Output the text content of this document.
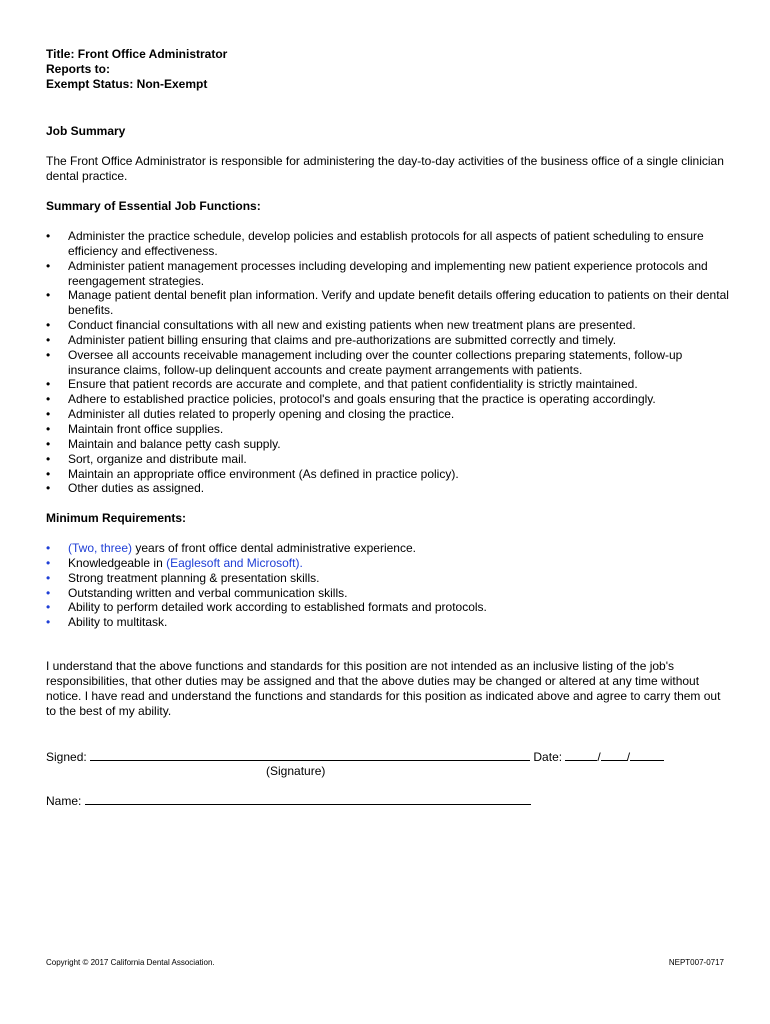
Title: Front Office Administrator
Reports to:
Exempt Status: Non-Exempt
Job Summary
The Front Office Administrator is responsible for administering the day-to-day activities of the business office of a single clinician dental practice.
Summary of Essential Job Functions:
•	Administer the practice schedule, develop policies and establish protocols for all aspects of patient scheduling to ensure efficiency and effectiveness.
•	Administer patient management processes including developing and implementing new patient experience protocols and reengagement strategies.
•	Manage patient dental benefit plan information. Verify and update benefit details offering education to patients on their dental benefits.
•	Conduct financial consultations with all new and existing patients when new treatment plans are presented.
•	Administer patient billing ensuring that claims and pre-authorizations are submitted correctly and timely.
•	Oversee all accounts receivable management including over the counter collections preparing statements, follow-up insurance claims, follow-up delinquent accounts and create payment arrangements with patients.
•	Ensure that patient records are accurate and complete, and that patient confidentiality is strictly maintained.
•	Adhere to established practice policies, protocol's and goals ensuring that the practice is operating accordingly.
•	Administer all duties related to properly opening and closing the practice.
•	Maintain front office supplies.
•	Maintain and balance petty cash supply.
•	Sort, organize and distribute mail.
•	Maintain an appropriate office environment (As defined in practice policy).
•	Other duties as assigned.
Minimum Requirements:
•	(Two, three) years of front office dental administrative experience.
•	Knowledgeable in (Eaglesoft and Microsoft).
•	Strong treatment planning & presentation skills.
•	Outstanding written and verbal communication skills.
•	Ability to perform detailed work according to established formats and protocols.
•	Ability to multitask.
I understand that the above functions and standards for this position are not intended as an inclusive listing of the job's responsibilities, that other duties may be assigned and that the above duties may be changed or altered at any time without notice. I have read and understand the functions and standards for this position as indicated above and agree to carry them out to the best of my ability.
Signed:	Date:	/ /
(Signature)
Name:
Copyright © 2017 California Dental Association.	NEPT007-0717
